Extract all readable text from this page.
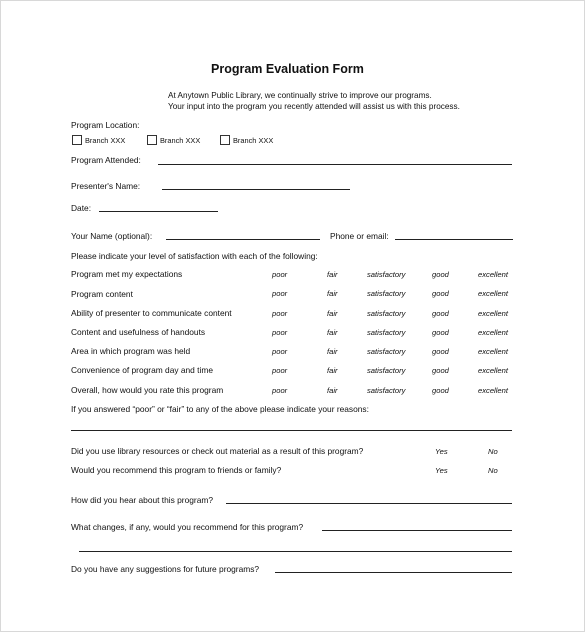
Program Evaluation Form
At Anytown Public Library, we continually strive to improve our programs.
Your input into the program you recently attended will assist us with this process.
Program Location:
Branch XXX	Branch XXX	Branch XXX
Program Attended:
Presenter's Name:
Date:
Your Name (optional):	Phone or email:
Please indicate your level of satisfaction with each of the following:
Program met my expectations	poor	fair	satisfactory	good	excellent
Program content	poor	fair	satisfactory	good	excellent
Ability of presenter to communicate content	poor	fair	satisfactory	good	excellent
Content and usefulness of handouts	poor	fair	satisfactory	good	excellent
Area in which program was held	poor	fair	satisfactory	good	excellent
Convenience of program day and time	poor	fair	satisfactory	good	excellent
Overall, how would you rate this program	poor	fair	satisfactory	good	excellent
If you answered “poor” or “fair” to any of the above please indicate your reasons:
Did you use library resources or check out material as a result of this program?	Yes	No
Would you recommend this program to friends or family?	Yes	No
How did you hear about this program?
What changes, if any, would you recommend for this program?
Do you have any suggestions for future programs?
